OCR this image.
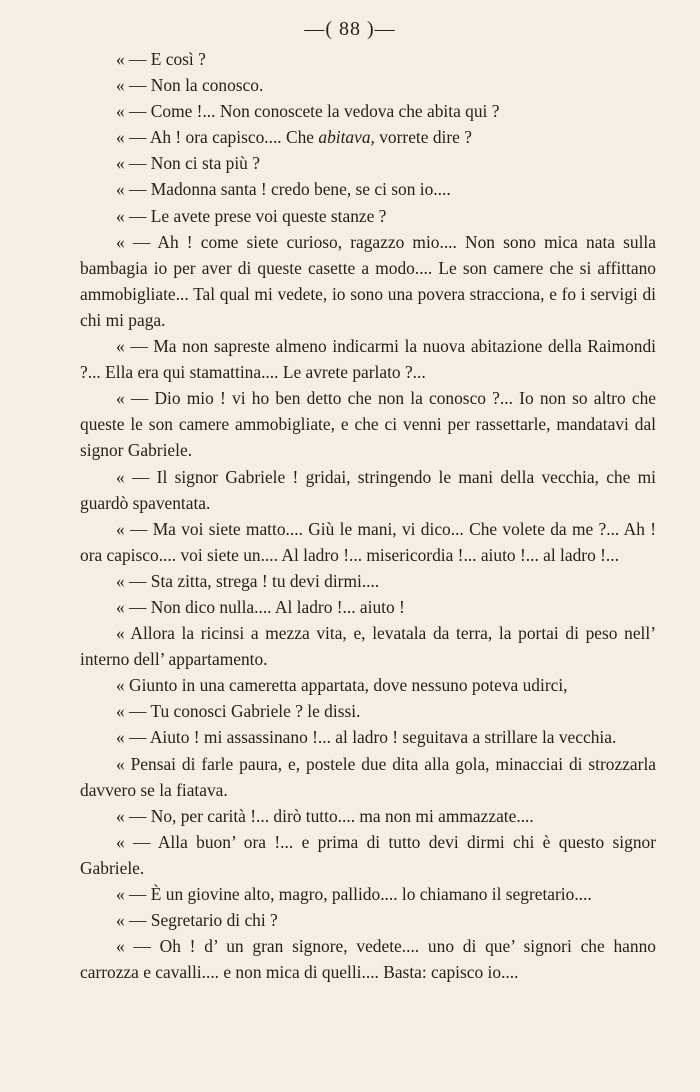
—( 88 )—

« — E così ?

« — Non la conosco.

« — Come !... Non conoscete la vedova che abita qui ?

« — Ah ! ora capisco.... Che abitava, vorrete dire ?

« — Non ci sta più ?

« — Madonna santa ! credo bene, se ci son io....

« — Le avete prese voi queste stanze ?

« — Ah ! come siete curioso, ragazzo mio.... Non sono mica nata sulla bambagia io per aver di queste casette a modo.... Le son camere che si affittano ammobigliate... Tal qual mi vedete, io sono una povera stracciona, e fo i servigi di chi mi paga.

« — Ma non sapreste almeno indicarmi la nuova abitazione della Raimondi ?... Ella era qui stamattina.... Le avrete parlato ?...

« — Dio mio ! vi ho ben detto che non la conosco ?... Io non so altro che queste le son camere ammobigliate, e che ci venni per rassettarle, mandatavi dal signor Gabriele.

« — Il signor Gabriele ! gridai, stringendo le mani della vecchia, che mi guardò spaventata.

« — Ma voi siete matto.... Giù le mani, vi dico... Che volete da me ?... Ah ! ora capisco.... voi siete un.... Al ladro !... misericordia !... aiuto !... al ladro !...

« — Sta zitta, strega ! tu devi dirmi....

« — Non dico nulla.... Al ladro !... aiuto !

« Allora la ricinsi a mezza vita, e, levatala da terra, la portai di peso nell’ interno dell’ appartamento.

« Giunto in una cameretta appartata, dove nessuno poteva udirci,

« — Tu conosci Gabriele ? le dissi.

« — Aiuto ! mi assassinano !... al ladro ! seguitava a strillare la vecchia.

« Pensai di farle paura, e, postele due dita alla gola, minacciai di strozzarla davvero se la fiatava.

« — No, per carità !... dirò tutto.... ma non mi ammazzate....

« — Alla buon’ ora !... e prima di tutto devi dirmi chi è questo signor Gabriele.

« — È un giovine alto, magro, pallido.... lo chiamano il segretario....

« — Segretario di chi ?

« — Oh ! d’ un gran signore, vedete.... uno di que’ signori che hanno carrozza e cavalli.... e non mica di quelli.... Basta: capisco io....
